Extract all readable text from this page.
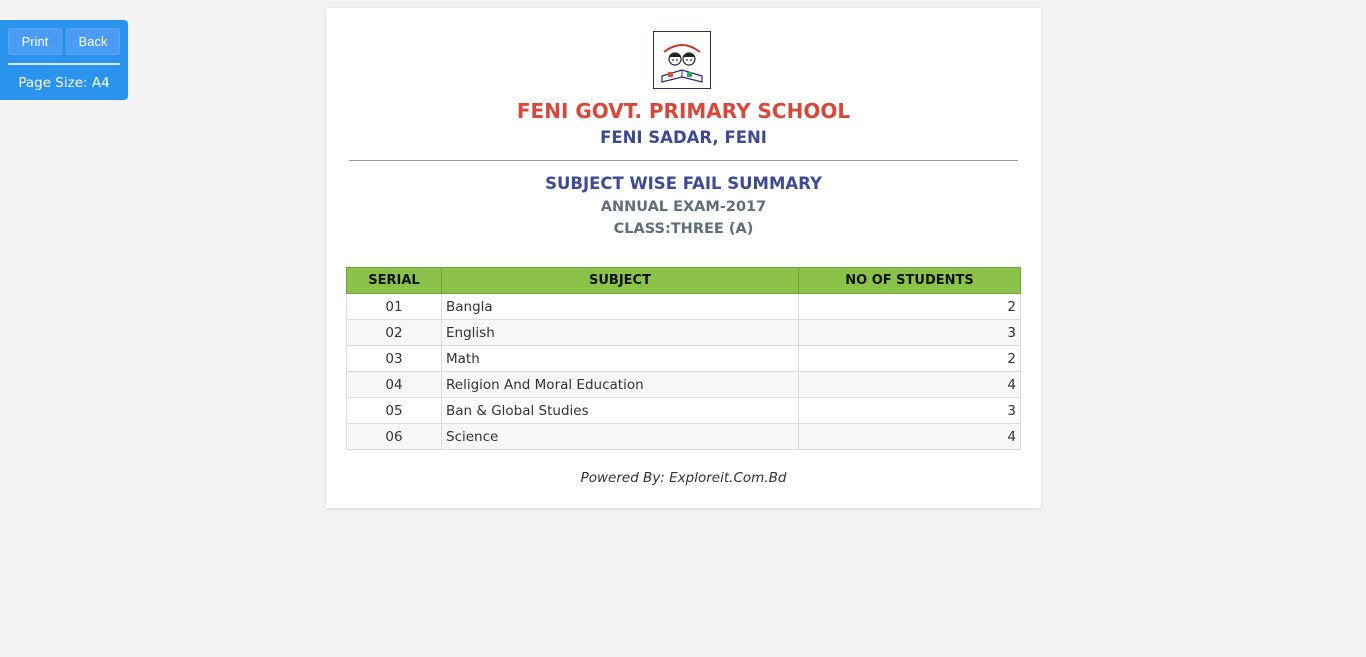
Print	Back
Page Size: A4
FENI GOVT. PRIMARY SCHOOL
FENI SADAR, FENI
SUBJECT WISE FAIL SUMMARY
ANNUAL EXAM-2017
CLASS:THREE (A)
SERIAL	SUBJECT	NO OF STUDENTS
01	Bangla	2
02	English	3
03	Math	2
04	Religion And Moral Education	4
05	Ban & Global Studies	3
06	Science	4
Powered By: Exploreit.Com.Bd
